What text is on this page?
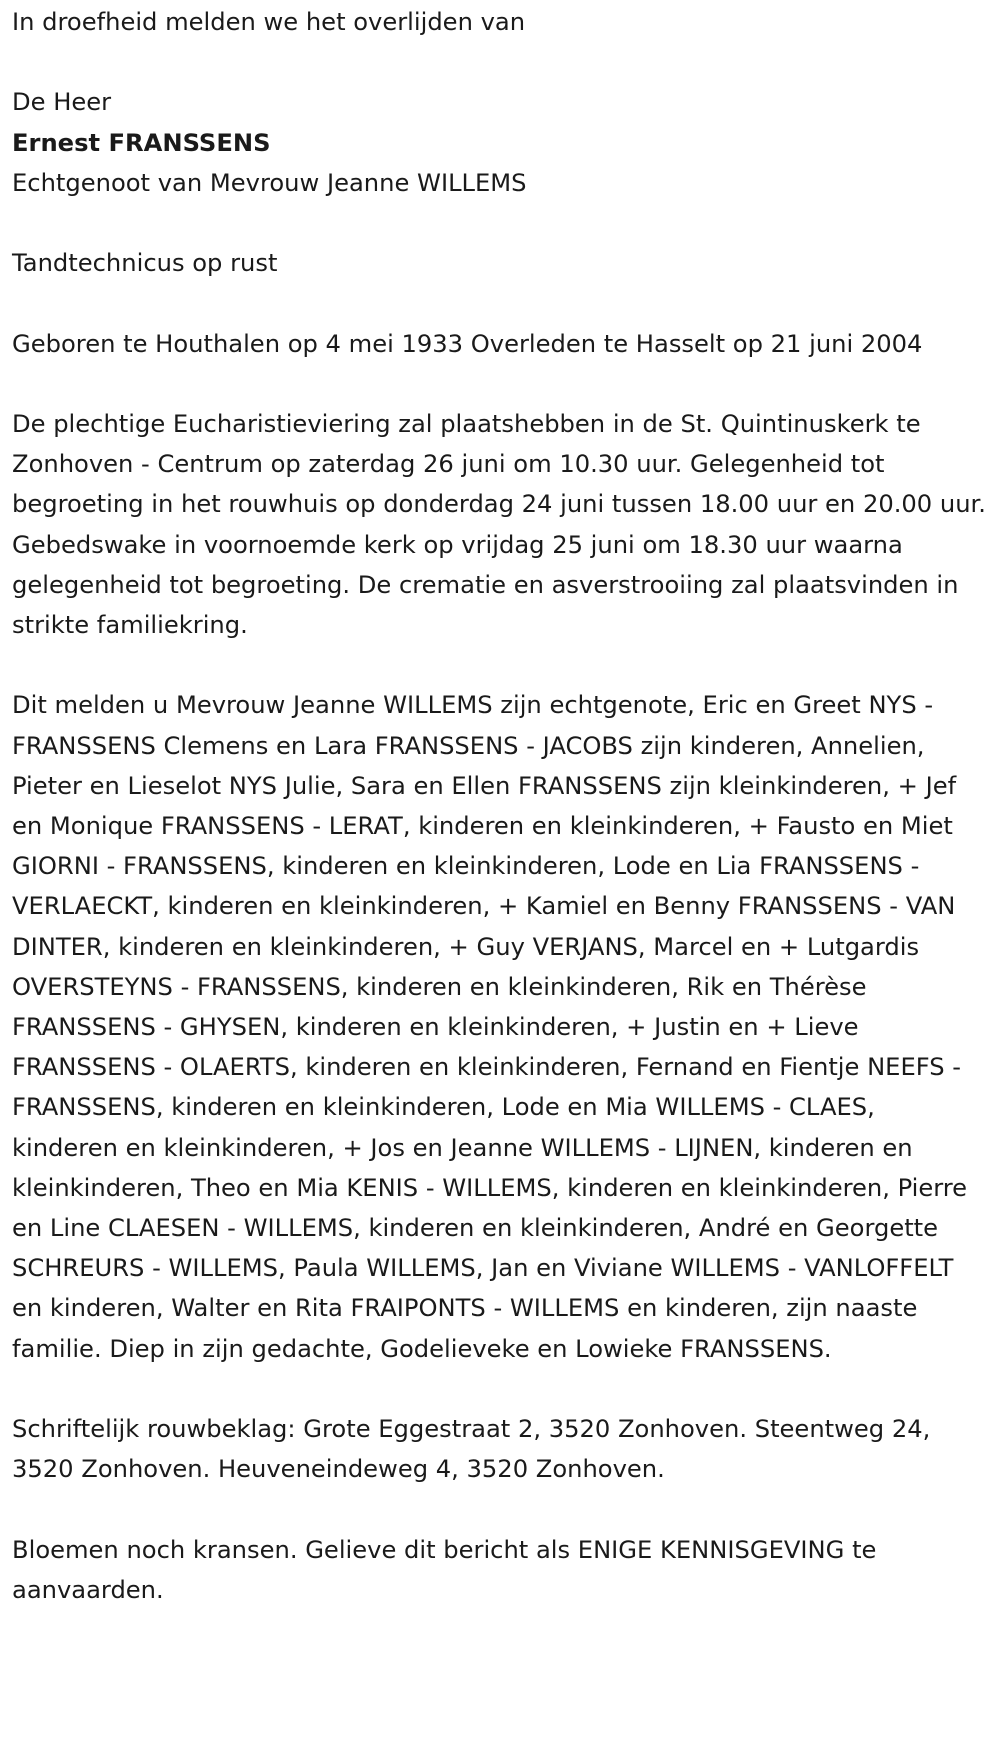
In droefheid melden we het overlijden van

De Heer
Ernest FRANSSENS
Echtgenoot van Mevrouw Jeanne WILLEMS

Tandtechnicus op rust

Geboren te Houthalen op 4 mei 1933 Overleden te Hasselt op 21 juni 2004

De plechtige Eucharistieviering zal plaatshebben in de St. Quintinuskerk te Zonhoven - Centrum op zaterdag 26 juni om 10.30 uur. Gelegenheid tot begroeting in het rouwhuis op donderdag 24 juni tussen 18.00 uur en 20.00 uur. Gebedswake in voornoemde kerk op vrijdag 25 juni om 18.30 uur waarna gelegenheid tot begroeting. De crematie en asverstrooiing zal plaatsvinden in strikte familiekring.

Dit melden u Mevrouw Jeanne WILLEMS zijn echtgenote, Eric en Greet NYS - FRANSSENS Clemens en Lara FRANSSENS - JACOBS zijn kinderen, Annelien, Pieter en Lieselot NYS Julie, Sara en Ellen FRANSSENS zijn kleinkinderen, + Jef en Monique FRANSSENS - LERAT, kinderen en kleinkinderen, + Fausto en Miet GIORNI - FRANSSENS, kinderen en kleinkinderen, Lode en Lia FRANSSENS - VERLAECKT, kinderen en kleinkinderen, + Kamiel en Benny FRANSSENS - VAN DINTER, kinderen en kleinkinderen, + Guy VERJANS, Marcel en + Lutgardis OVERSTEYNS - FRANSSENS, kinderen en kleinkinderen, Rik en Thérèse FRANSSENS - GHYSEN, kinderen en kleinkinderen, + Justin en + Lieve FRANSSENS - OLAERTS, kinderen en kleinkinderen, Fernand en Fientje NEEFS - FRANSSENS, kinderen en kleinkinderen, Lode en Mia WILLEMS - CLAES, kinderen en kleinkinderen, + Jos en Jeanne WILLEMS - LIJNEN, kinderen en kleinkinderen, Theo en Mia KENIS - WILLEMS, kinderen en kleinkinderen, Pierre en Line CLAESEN - WILLEMS, kinderen en kleinkinderen, André en Georgette SCHREURS - WILLEMS, Paula WILLEMS, Jan en Viviane WILLEMS - VANLOFFELT en kinderen, Walter en Rita FRAIPONTS - WILLEMS en kinderen, zijn naaste familie. Diep in zijn gedachte, Godelieveke en Lowieke FRANSSENS.

Schriftelijk rouwbeklag: Grote Eggestraat 2, 3520 Zonhoven. Steentweg 24, 3520 Zonhoven. Heuveneindeweg 4, 3520 Zonhoven.

Bloemen noch kransen. Gelieve dit bericht als ENIGE KENNISGEVING te aanvaarden.
